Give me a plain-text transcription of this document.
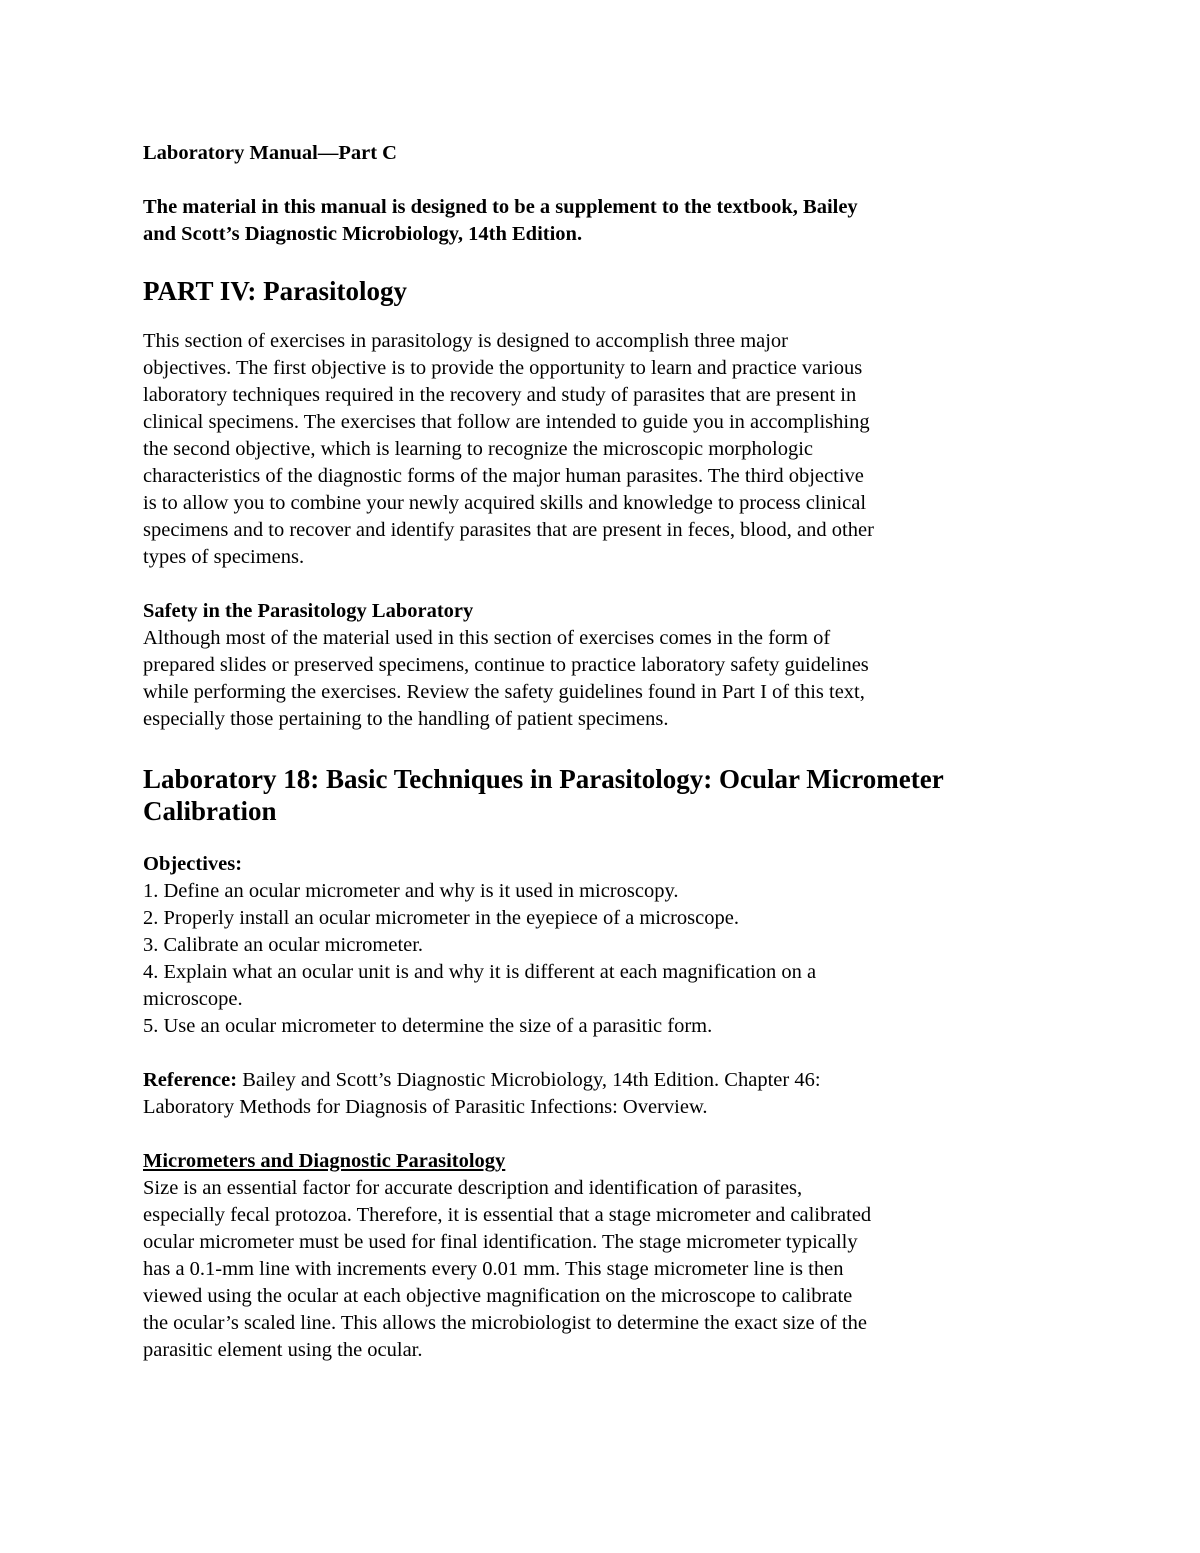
Laboratory Manual—Part C

The material in this manual is designed to be a supplement to the textbook, Bailey

and Scott’s Diagnostic Microbiology, 14th Edition.

PART IV: Parasitology

This section of exercises in parasitology is designed to accomplish three major

objectives. The first objective is to provide the opportunity to learn and practice various

laboratory techniques required in the recovery and study of parasites that are present in

clinical specimens. The exercises that follow are intended to guide you in accomplishing

the second objective, which is learning to recognize the microscopic morphologic

characteristics of the diagnostic forms of the major human parasites. The third objective

is to allow you to combine your newly acquired skills and knowledge to process clinical

specimens and to recover and identify parasites that are present in feces, blood, and other

types of specimens.

Safety in the Parasitology Laboratory

Although most of the material used in this section of exercises comes in the form of

prepared slides or preserved specimens, continue to practice laboratory safety guidelines

while performing the exercises. Review the safety guidelines found in Part I of this text,

especially those pertaining to the handling of patient specimens.

Laboratory 18: Basic Techniques in Parasitology: Ocular Micrometer

Calibration

Objectives:

1. Define an ocular micrometer and why is it used in microscopy.

2. Properly install an ocular micrometer in the eyepiece of a microscope.

3. Calibrate an ocular micrometer.

4. Explain what an ocular unit is and why it is different at each magnification on a

microscope.

5. Use an ocular micrometer to determine the size of a parasitic form.

Reference: Bailey and Scott’s Diagnostic Microbiology, 14th Edition. Chapter 46:

Laboratory Methods for Diagnosis of Parasitic Infections: Overview.

Micrometers and Diagnostic Parasitology

Size is an essential factor for accurate description and identification of parasites,

especially fecal protozoa. Therefore, it is essential that a stage micrometer and calibrated

ocular micrometer must be used for final identification. The stage micrometer typically

has a 0.1-mm line with increments every 0.01 mm. This stage micrometer line is then

viewed using the ocular at each objective magnification on the microscope to calibrate

the ocular’s scaled line. This allows the microbiologist to determine the exact size of the

parasitic element using the ocular.
